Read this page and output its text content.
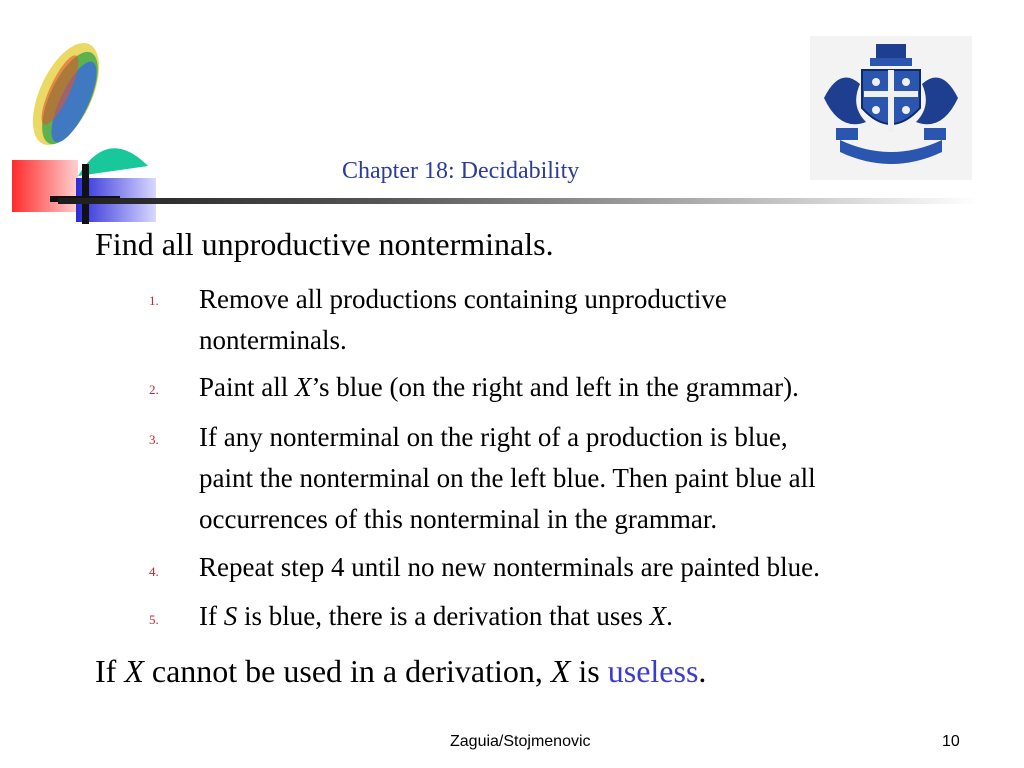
Chapter 18: Decidability
Find all unproductive nonterminals.
1. Remove all productions containing unproductive
nonterminals.
2. Paint all X’s blue (on the right and left in the grammar).
3. If any nonterminal on the right of a production is blue,
paint the nonterminal on the left blue. Then paint blue all
occurrences of this nonterminal in the grammar.
4. Repeat step 4 until no new nonterminals are painted blue.
5. If S is blue, there is a derivation that uses X.
If X cannot be used in a derivation, X is useless.
Zaguia/Stojmenovic	10
